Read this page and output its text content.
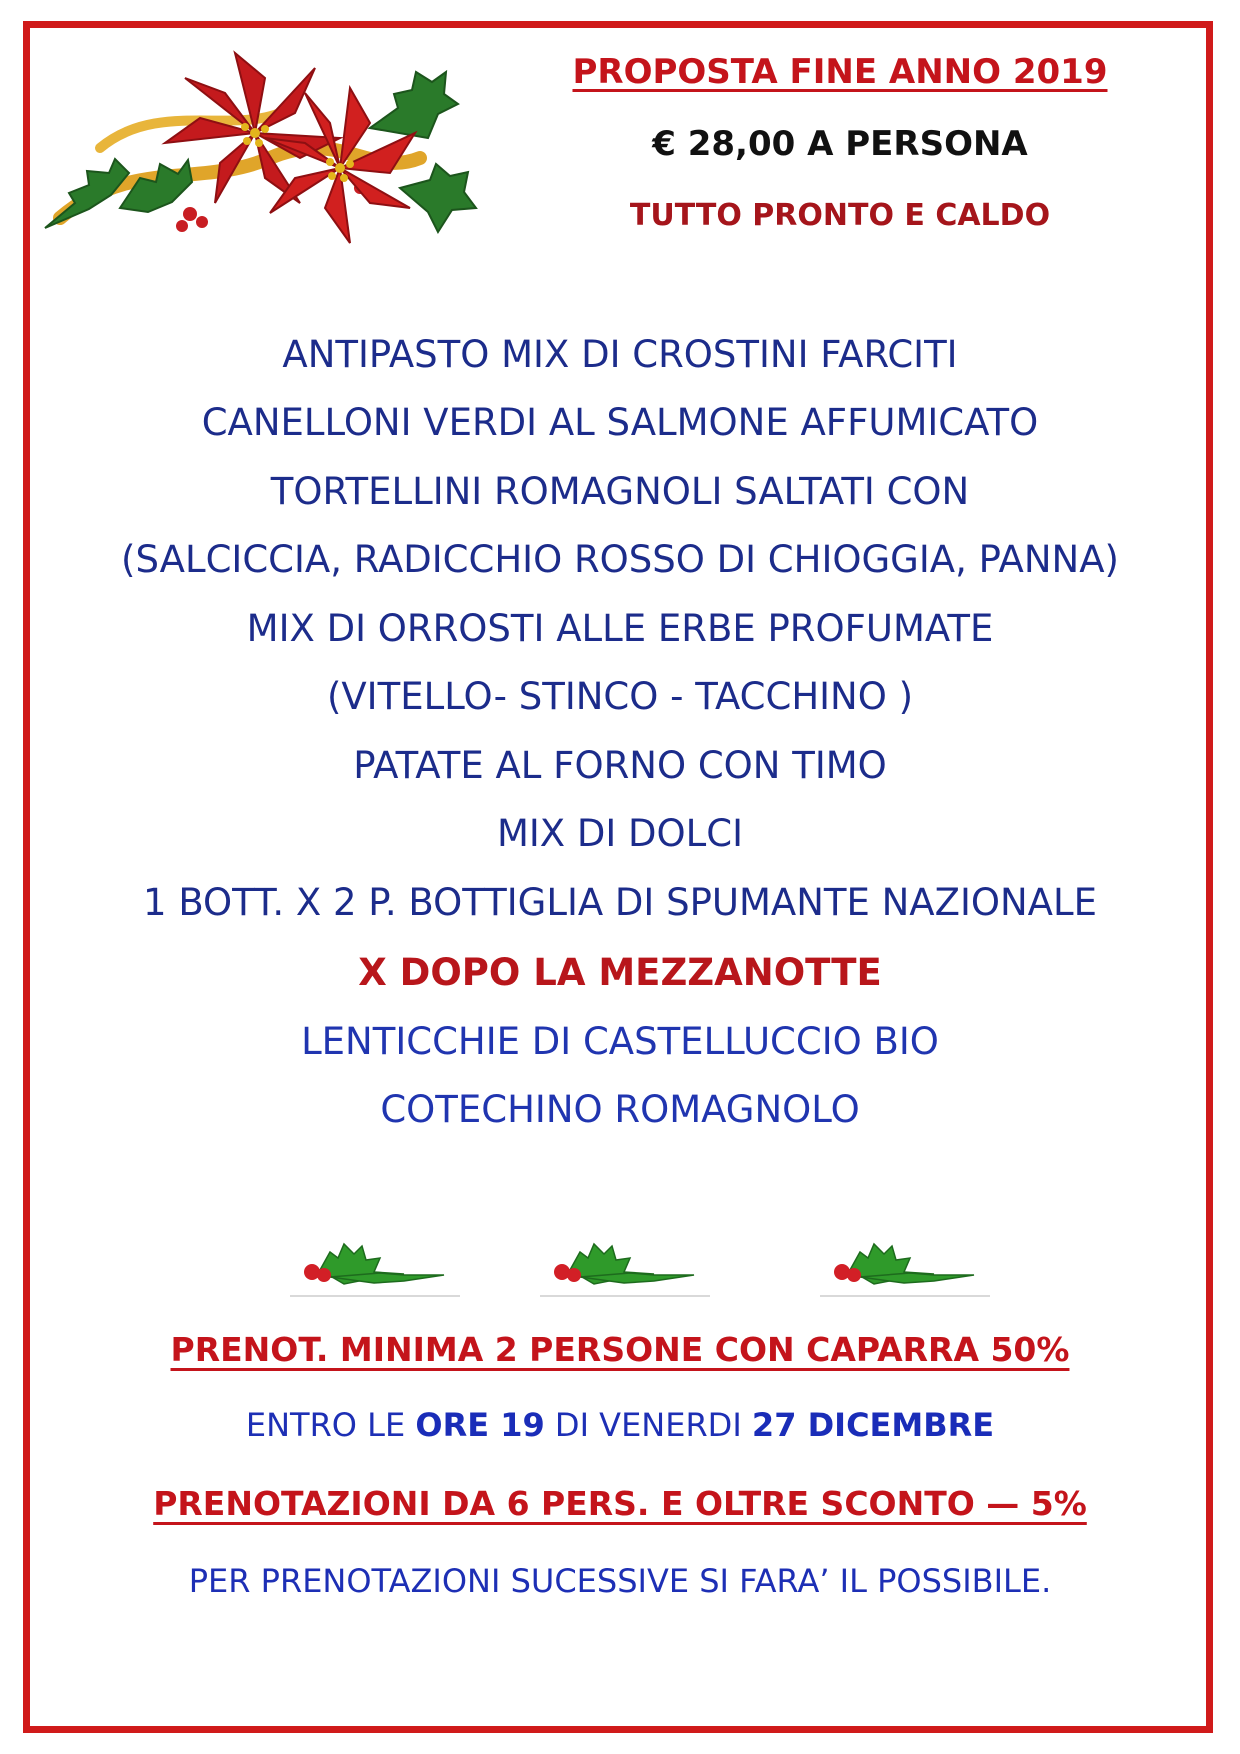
PROPOSTA FINE ANNO 2019
€ 28,00 A PERSONA
TUTTO PRONTO E CALDO
ANTIPASTO MIX DI CROSTINI FARCITI
CANELLONI VERDI AL SALMONE AFFUMICATO
TORTELLINI ROMAGNOLI SALTATI CON
(SALCICCIA, RADICCHIO ROSSO DI CHIOGGIA, PANNA)
MIX DI ORROSTI ALLE ERBE PROFUMATE
(VITELLO- STINCO - TACCHINO )
PATATE AL FORNO CON TIMO
MIX DI DOLCI
1 BOTT. X 2 P. BOTTIGLIA DI SPUMANTE NAZIONALE
X DOPO LA MEZZANOTTE
LENTICCHIE DI CASTELLUCCIO BIO
COTECHINO ROMAGNOLO
PRENOT. MINIMA 2 PERSONE CON CAPARRA 50%
ENTRO LE ORE 19 DI VENERDI 27 DICEMBRE
PRENOTAZIONI DA 6 PERS. E OLTRE SCONTO — 5%
PER PRENOTAZIONI SUCESSIVE SI FARA’ IL POSSIBILE.
